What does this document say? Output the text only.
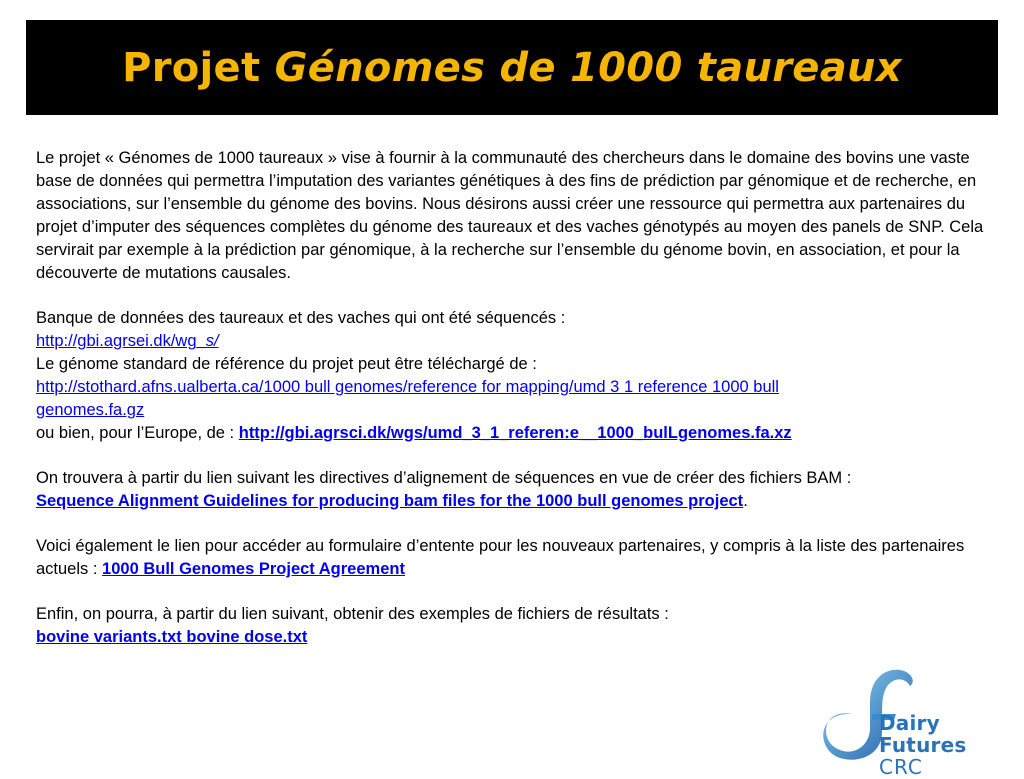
Projet Génomes de 1000 taureaux

Le projet « Génomes de 1000 taureaux » vise à fournir à la communauté des chercheurs dans le domaine des bovins une vaste base de données qui permettra l’imputation des variantes génétiques à des fins de prédiction par génomique et de recherche, en associations, sur l’ensemble du génome des bovins. Nous désirons aussi créer une ressource qui permettra aux partenaires du projet d’imputer des séquences complètes du génome des taureaux et des vaches génotypés au moyen des panels de SNP. Cela servirait par exemple à la prédiction par génomique, à la recherche sur l’ensemble du génome bovin, en association, et pour la découverte de mutations causales.

Banque de données des taureaux et des vaches qui ont été séquencés :

http://gbi.agrsei.dk/wg_s/

Le génome standard de référence du projet peut être téléchargé de :

http://stothard.afns.ualberta.ca/1000 bull genomes/reference for mapping/umd 3 1 reference 1000 bull
genomes.fa.gz

ou bien, pour l’Europe, de : http://gbi.agrsci.dk/wgs/umd_3_1_referen:e__1000_bulLgenomes.fa.xz

On trouvera à partir du lien suivant les directives d’alignement de séquences en vue de créer des fichiers BAM :

Sequence Alignment Guidelines for producing bam files for the 1000 bull genomes project.

Voici également le lien pour accéder au formulaire d’entente pour les nouveaux partenaires, y compris à la liste des partenaires actuels : 1000 Bull Genomes Project Agreement

Enfin, on pourra, à partir du lien suivant, obtenir des exemples de fichiers de résultats :

bovine variants.txt bovine dose.txt

Dairy Futures
CRC
